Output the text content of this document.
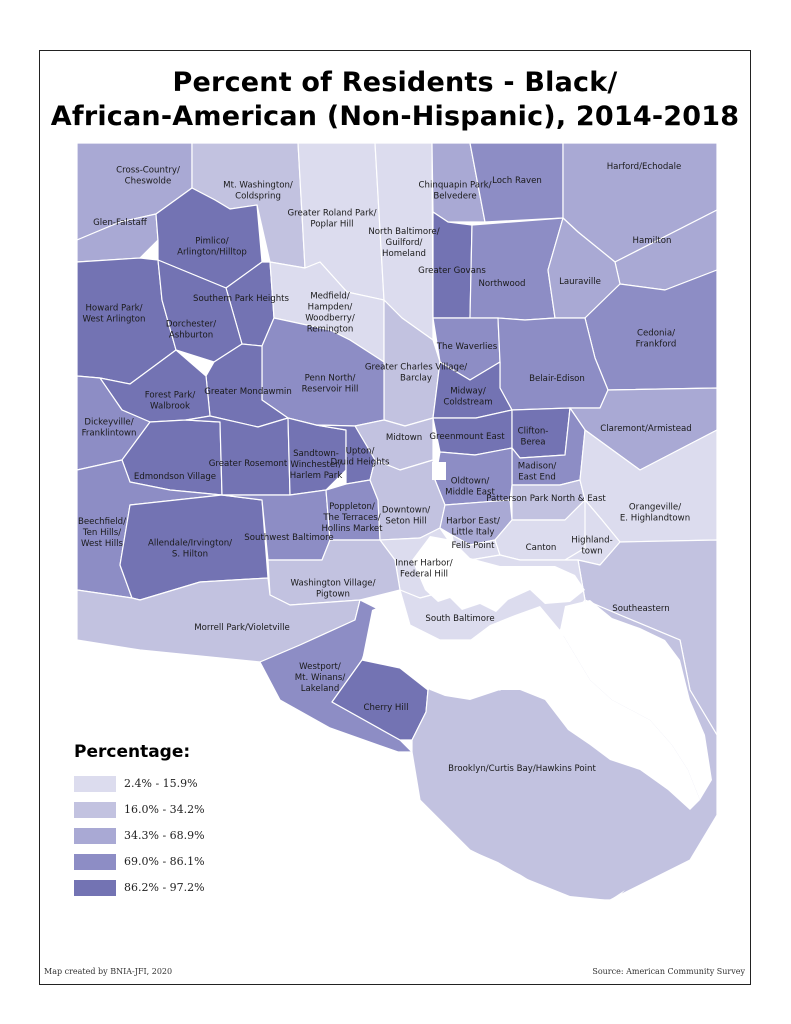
Percent of Residents - Black/
African-American (Non-Hispanic), 2014-2018
Cross-Country/ Cheswolde	Mt. Washington/ Coldspring
Greater Roland Park/ Poplar Hill
North Baltimore/ Guilford/ Homeland
Chinquapin Park/ Belvedere
Loch Raven
Harford/Echodale
Glen-Falstaff
Pimlico/ Arlington/Hilltop
Hamilton
Greater Govans
Northwood	Lauraville
Southern Park Heights	Medfield/ Hampden/ Woodberry/ Remington
Howard Park/ West Arlington Dorchester/ Ashburton	Cedonia/ Frankford
The Waverlies
Greater Charles Village/ Barclay
Penn North/ Reservoir Hill
Belair-Edison
Greater Mondawmin
Forest Park/ Walbrook
Midway/ Coldstream
Dickeyville/ Franklintown	Claremont/Armistead
Midtown Greenmount East
Clifton-Berea
Edmondson Village
Greater Rosemont
Sandtown-Winchester/ Harlem Park
Upton/ Druid Heights	Madison/ East End
Oldtown/ Middle East
Patterson Park North & East
Orangeville/ E. Highlandtown
Beechfield/ Ten Hills/ West Hills	Allendale/Irvington/ S. Hilton
Southwest Baltimore
Poppleton/ The Terraces/ Hollins Market
Downtown/ Seton Hill	Harbor East/ Little Italy
Fells Point	Canton
Highland-town
Inner Harbor/ Federal Hill
Washington Village/ Pigtown
Southeastern
Morrell Park/Violetville
South Baltimore
Westport/ Mt. Winans/ Lakeland
Cherry Hill
Brooklyn/Curtis Bay/Hawkins Point
Percentage:
2.4% - 15.9%
16.0% - 34.2%
34.3% - 68.9%
69.0% - 86.1%
86.2% - 97.2%
Map created by BNIA-JFI, 2020	Source: American Community Survey
